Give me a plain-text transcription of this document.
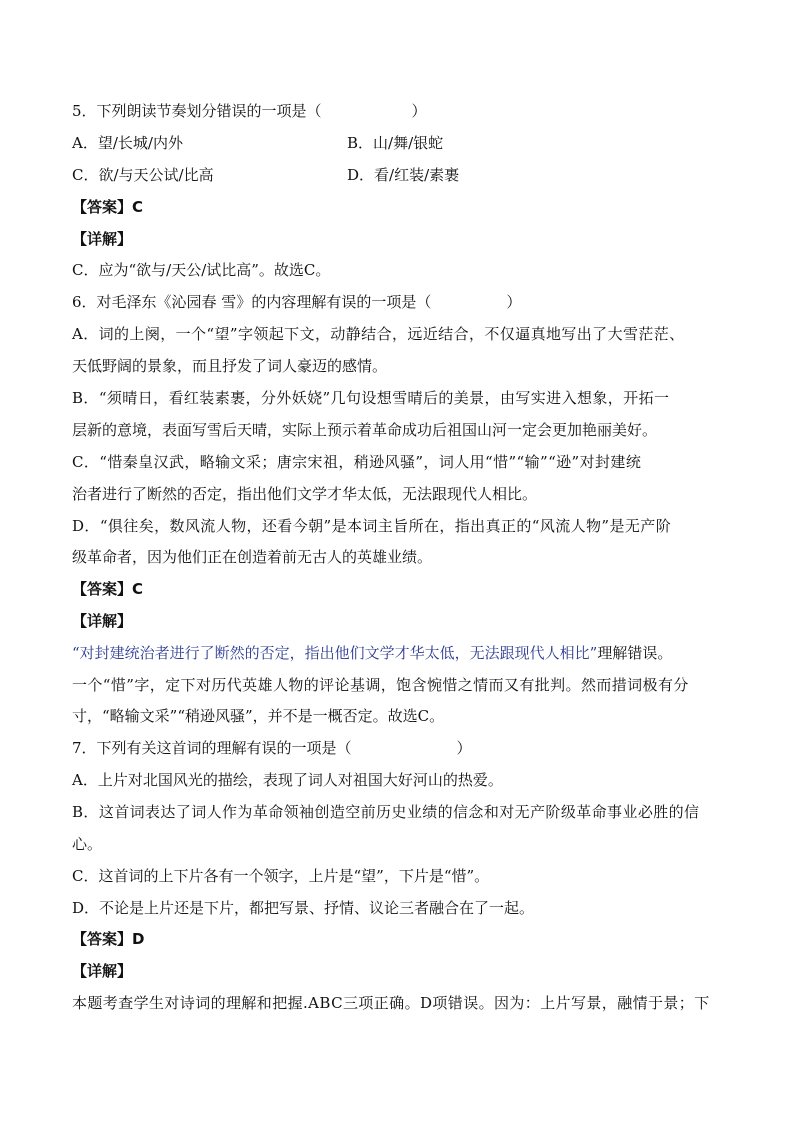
5．下列朗读节奏划分错误的一项是（　　　　　　）
A．望/长城/内外	B．山/舞/银蛇
C．欲/与天公试/比高	D．看/红装/素裹
【答案】C
【详解】
C．应为“欲与/天公/试比高”。故选C。
6．对毛泽东《沁园春 雪》的内容理解有误的一项是（　　　　　）
A．词的上阕，一个“望”字领起下文，动静结合，远近结合，不仅逼真地写出了大雪茫茫、
天低野阔的景象，而且抒发了词人豪迈的感情。
B．“须晴日，看红装素裹，分外妖娆”几句设想雪晴后的美景，由写实进入想象，开拓一
层新的意境，表面写雪后天晴，实际上预示着革命成功后祖国山河一定会更加艳丽美好。
C．“惜秦皇汉武，略输文采；唐宗宋祖，稍逊风骚”，词人用“惜”“输”“逊”对封建统
治者进行了断然的否定，指出他们文学才华太低，无法跟现代人相比。
D．“俱往矣，数风流人物，还看今朝”是本词主旨所在，指出真正的“风流人物”是无产阶
级革命者，因为他们正在创造着前无古人的英雄业绩。
【答案】C
【详解】
“对封建统治者进行了断然的否定，指出他们文学才华太低，无法跟现代人相比”理解错误。
一个“惜”字，定下对历代英雄人物的评论基调，饱含惋惜之情而又有批判。然而措词极有分
寸，“略输文采”“稍逊风骚”，并不是一概否定。故选C。
7．下列有关这首词的理解有误的一项是（　　　　　　　）
A．上片对北国风光的描绘，表现了词人对祖国大好河山的热爱。
B．这首词表达了词人作为革命领袖创造空前历史业绩的信念和对无产阶级革命事业必胜的信
心。
C．这首词的上下片各有一个领字，上片是“望”，下片是“惜”。
D．不论是上片还是下片，都把写景、抒情、议论三者融合在了一起。
【答案】D
【详解】
本题考查学生对诗词的理解和把握.ABC三项正确。D项错误。因为：上片写景，融情于景；下
